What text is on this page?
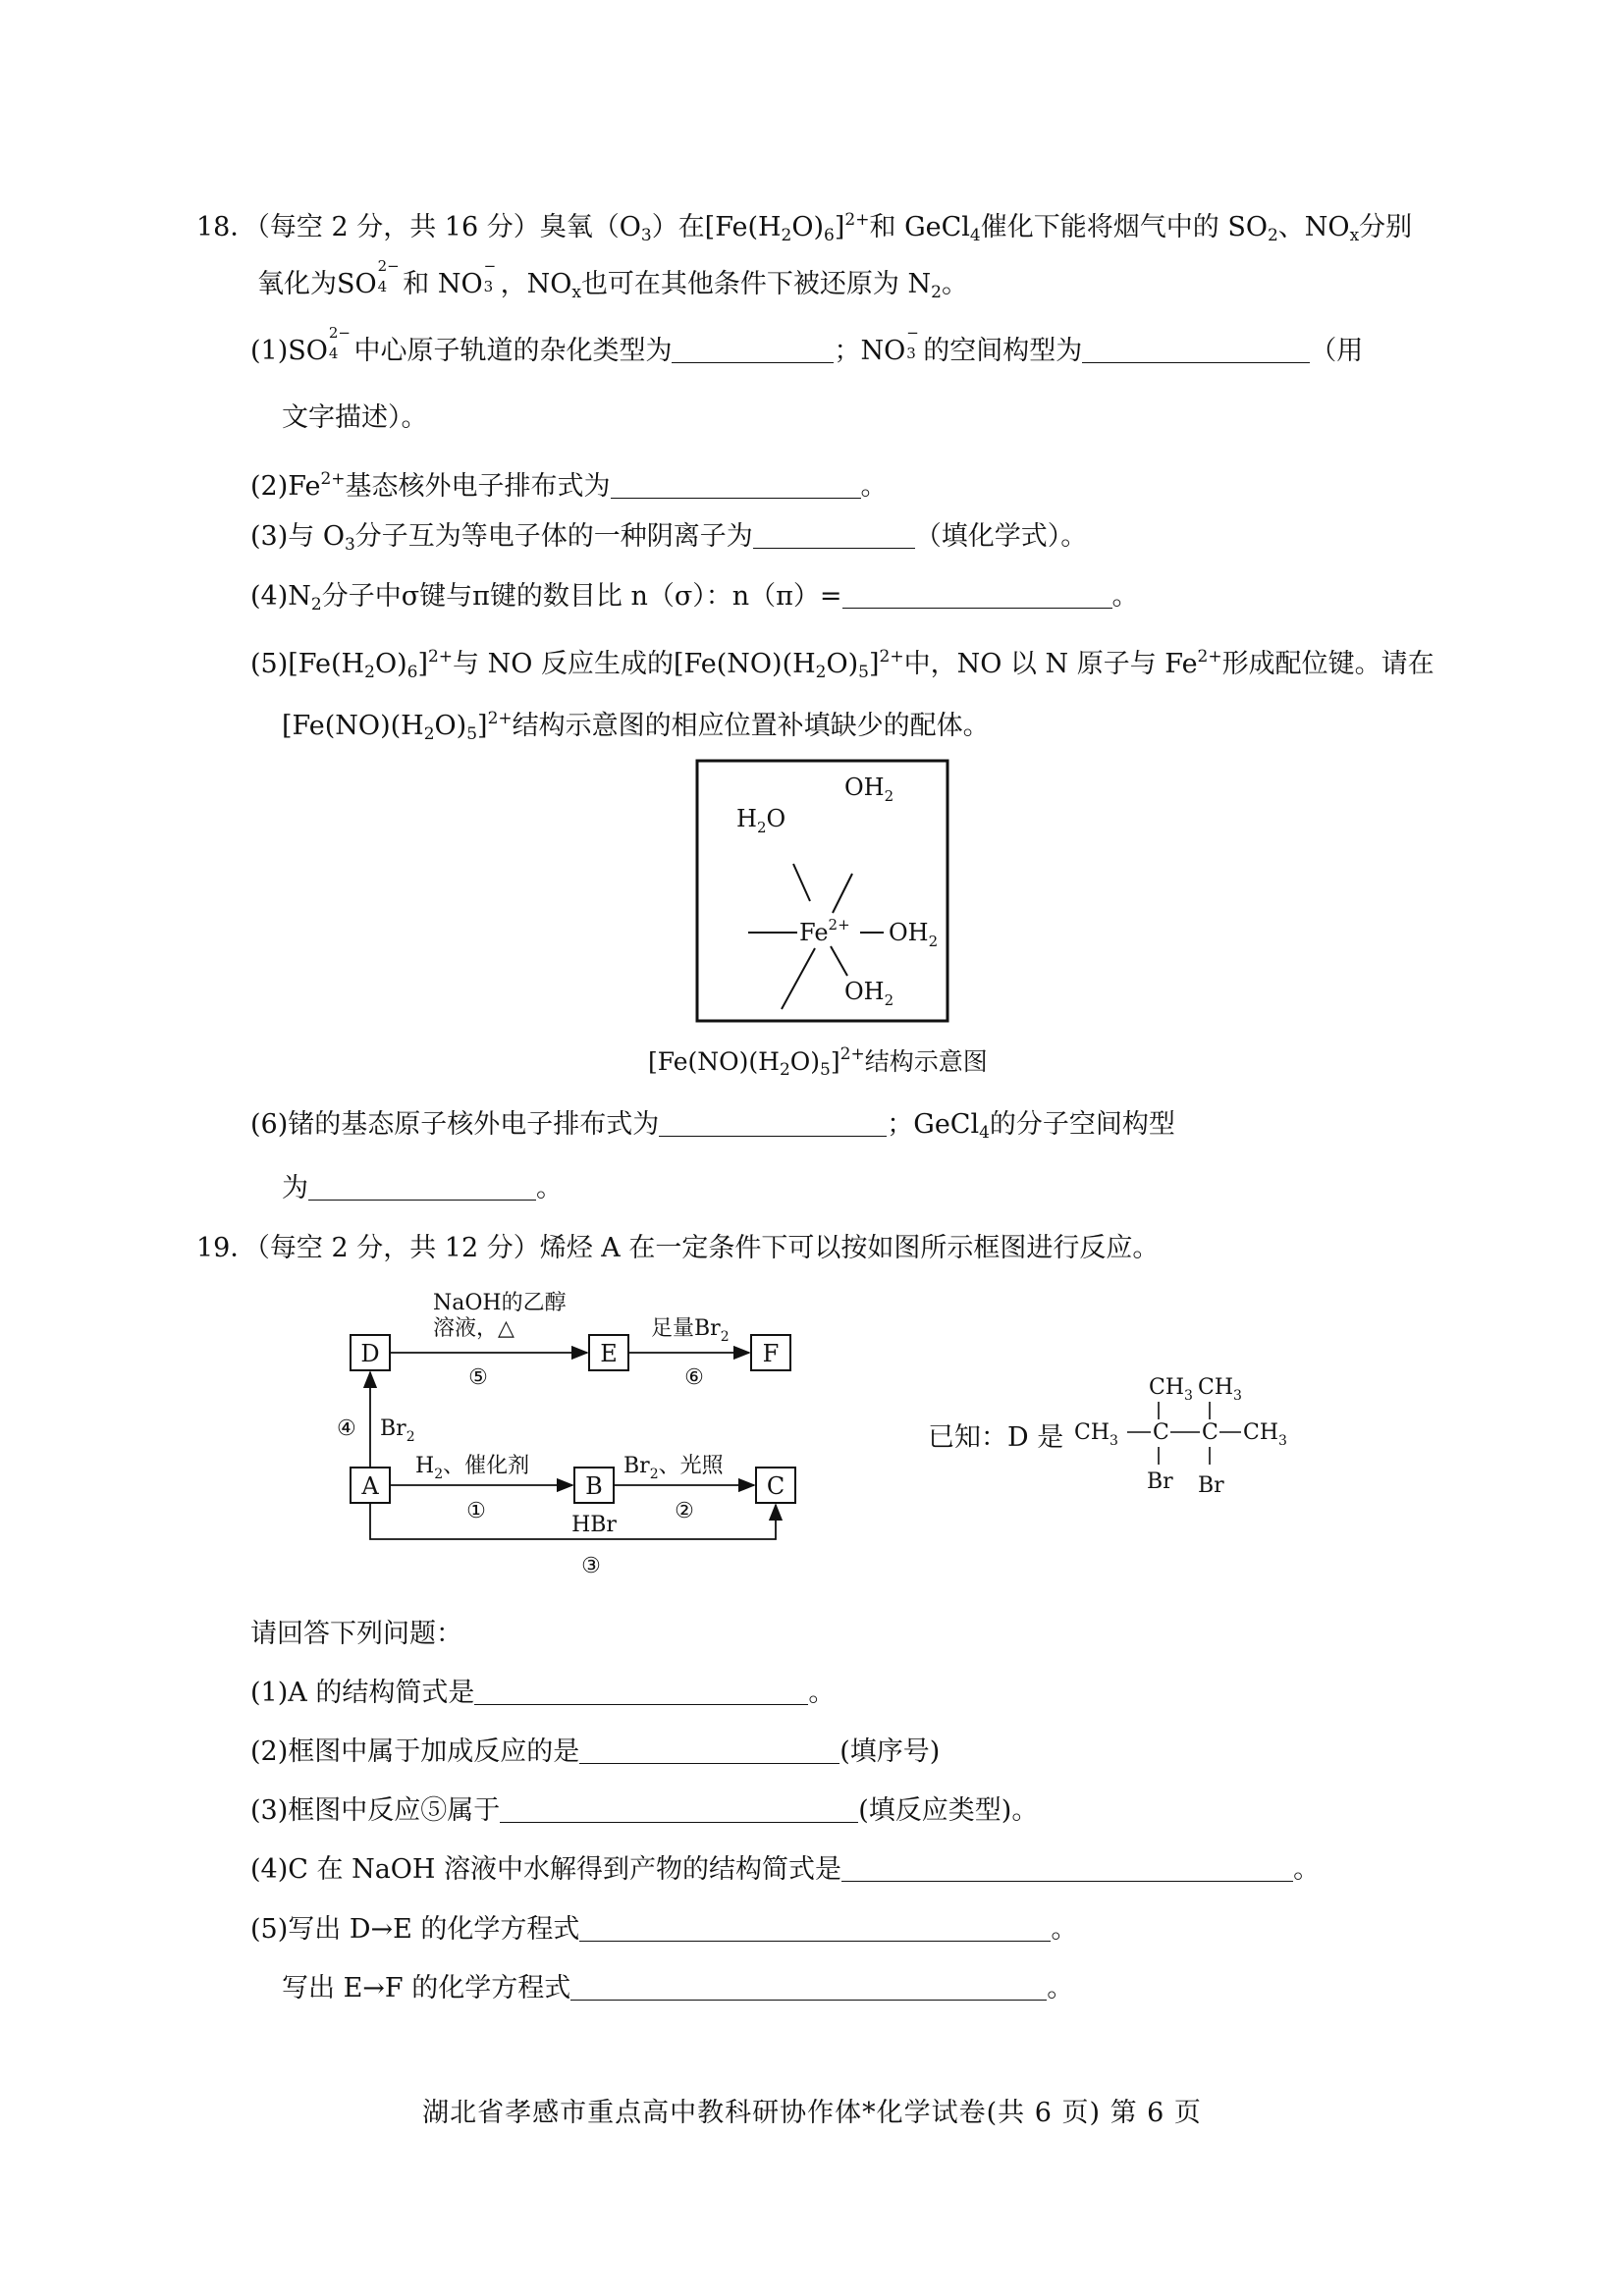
18．（每空 2 分，共 16 分）臭氧$(O_3)$在$[Fe(H_2O)_6]^{2+}$和 GeCl$_4$催化下能将烟气中的 $SO_2$、$NO_x$分别
氧化为SO
2−
4 和 NO
−
3 ，$NO_x$也可在其他条件下被还原为 $N_2$。
(1)SO
2−
4 中心原子轨道的杂化类型为	；NO
−
3 的空间构型为	（用
文字描述）。
$(2)Fe^{2+}$基态核外电子排布式为	。
(3)与 $O_3$分子互为等电子体的一种阴离子为	（填化学式）。
$(4)N_2$分子中σ键与π键的数目比 n（σ）：n（π）=	。
$(5)[Fe(H_2O)_6]^{2+}$与 NO 反应生成的$[Fe(NO)(H_2O)_5]^{2+}$中，NO 以 N 原子与 $Fe^{2+}$形成配位键。请在
$[Fe(NO)(H_2O)_5]^{2+}$结构示意图的相应位置补填缺少的配体。
$H_2O$
$OH_2$
$Fe^{2+}$ $OH_2$
$OH_2$
$[Fe(NO)(H_2O)_5]^{2+}$结构示意图
(6)锗的基态原子核外电子排布式为	；GeCl$_4$的分子空间构型
为	。
19．（每空 2 分，共 12 分）烯烃 A 在一定条件下可以按如图所示框图进行反应。
D	E	F
A	B	C
NaOH的乙醇
溶液，△
⑤
足量$Br_2$
⑥
④ $Br_2$
$H_2$、催化剂
①
$Br_2$、光照
②
HBr
③
已知：D 是
$CH_3$ $CH_3$
$CH_3$ C C $CH_3$
Br Br
请回答下列问题：
(1)A 的结构简式是	。
(2)框图中属于加成反应的是	(填序号)
(3)框图中反应⑤属于	(填反应类型)。
(4)C 在 NaOH 溶液中水解得到产物的结构简式是	。
(5)写出 D→E 的化学方程式	。
写出 E→F 的化学方程式	。
湖北省孝感市重点高中教科研协作体*化学试卷(共 6 页) 第 6 页
